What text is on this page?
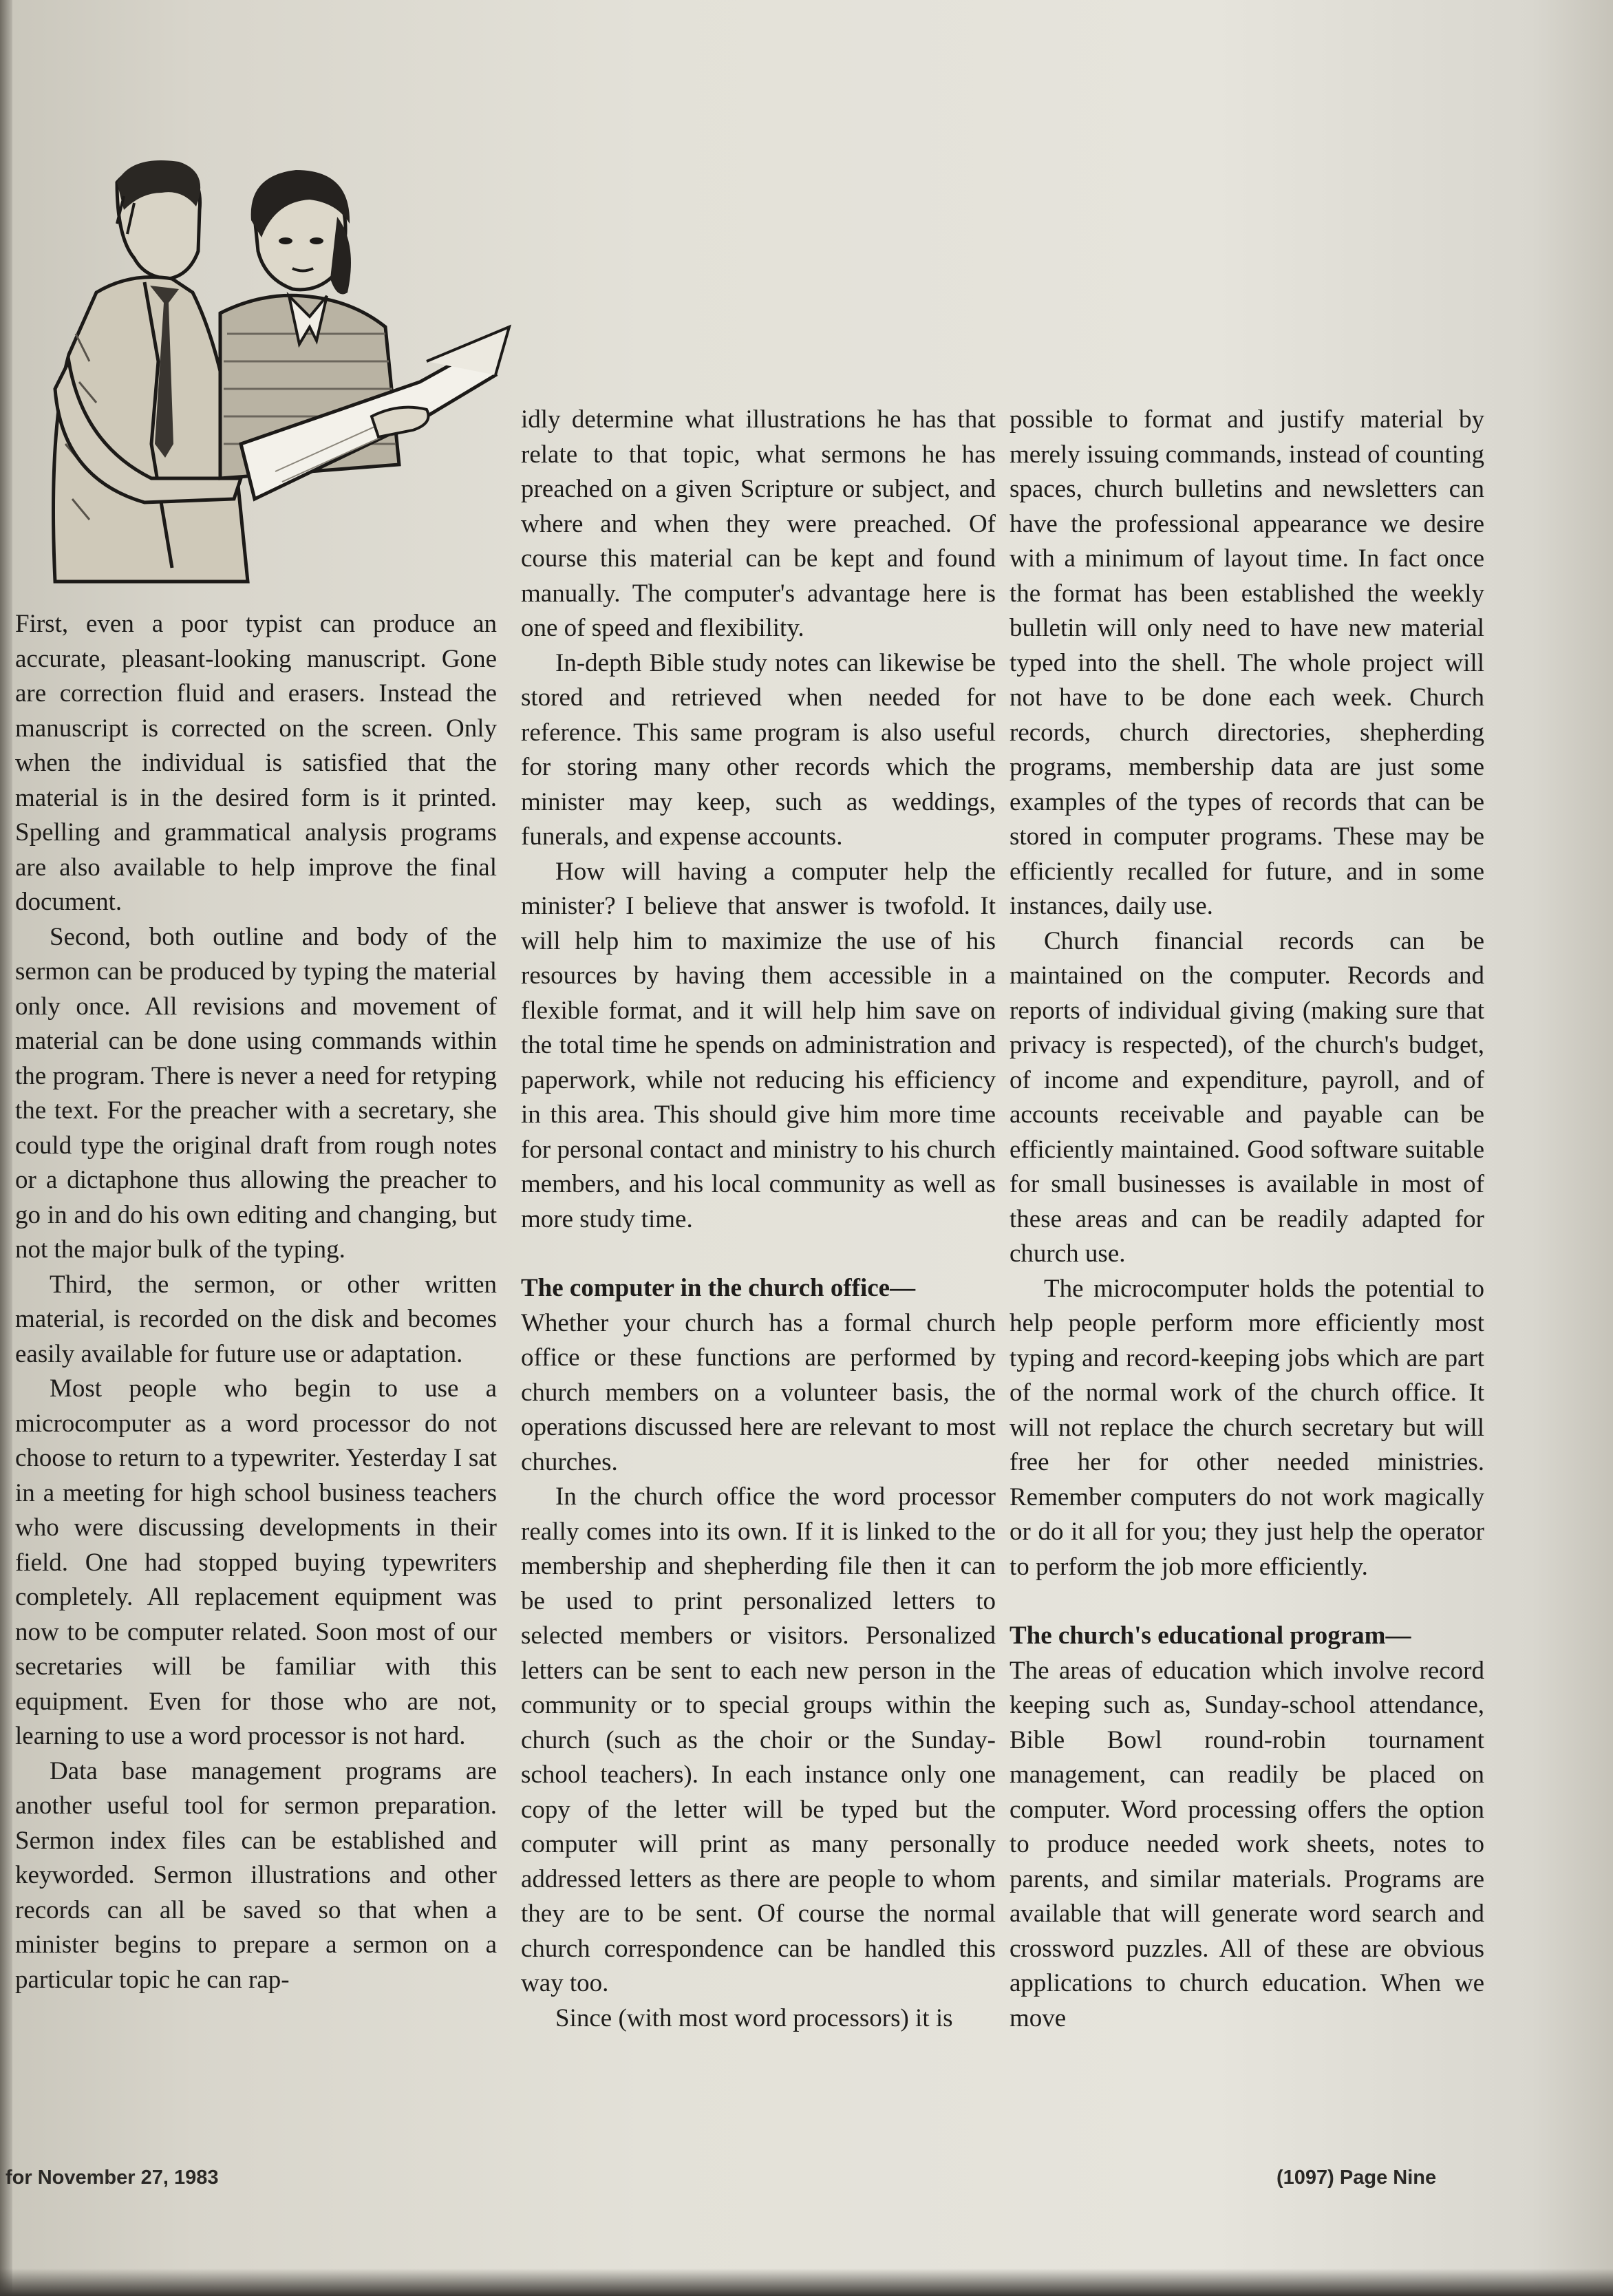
First, even a poor typist can produce an accurate, pleasant-looking manuscript. Gone are correction fluid and erasers. Instead the manuscript is corrected on the screen. Only when the individual is satisfied that the material is in the desired form is it printed. Spelling and grammatical analysis programs are also available to help improve the final document.

Second, both outline and body of the sermon can be produced by typing the material only once. All revisions and movement of material can be done using commands within the program. There is never a need for retyping the text. For the preacher with a secretary, she could type the original draft from rough notes or a dictaphone thus allowing the preacher to go in and do his own editing and changing, but not the major bulk of the typing.

Third, the sermon, or other written material, is recorded on the disk and becomes easily available for future use or adaptation.

Most people who begin to use a microcomputer as a word processor do not choose to return to a typewriter. Yesterday I sat in a meeting for high school business teachers who were discussing developments in their field. One had stopped buying typewriters completely. All replacement equipment was now to be computer related. Soon most of our secretaries will be familiar with this equipment. Even for those who are not, learning to use a word processor is not hard.

Data base management programs are another useful tool for sermon preparation. Sermon index files can be established and keyworded. Sermon illustrations and other records can all be saved so that when a minister begins to prepare a sermon on a particular topic he can rap-

idly determine what illustrations he has that relate to that topic, what sermons he has preached on a given Scripture or subject, and where and when they were preached. Of course this material can be kept and found manually. The computer's advantage here is one of speed and flexibility.

In-depth Bible study notes can likewise be stored and retrieved when needed for reference. This same program is also useful for storing many other records which the minister may keep, such as weddings, funerals, and expense accounts.

How will having a computer help the minister? I believe that answer is twofold. It will help him to maximize the use of his resources by having them accessible in a flexible format, and it will help him save on the total time he spends on administration and paperwork, while not reducing his efficiency in this area. This should give him more time for personal contact and ministry to his church members, and his local community as well as more study time.

The computer in the church office—

Whether your church has a formal church office or these functions are performed by church members on a volunteer basis, the operations discussed here are relevant to most churches.

In the church office the word processor really comes into its own. If it is linked to the membership and shepherding file then it can be used to print personalized letters to selected members or visitors. Personalized letters can be sent to each new person in the community or to special groups within the church (such as the choir or the Sunday-school teachers). In each instance only one copy of the letter will be typed but the computer will print as many personally addressed letters as there are people to whom they are to be sent. Of course the normal church correspondence can be handled this way too.

Since (with most word processors) it is

possible to format and justify material by merely issuing commands, instead of counting spaces, church bulletins and newsletters can have the professional appearance we desire with a minimum of layout time. In fact once the format has been established the weekly bulletin will only need to have new material typed into the shell. The whole project will not have to be done each week. Church records, church directories, shepherding programs, membership data are just some examples of the types of records that can be stored in computer programs. These may be efficiently recalled for future, and in some instances, daily use.

Church financial records can be maintained on the computer. Records and reports of individual giving (making sure that privacy is respected), of the church's budget, of income and expenditure, payroll, and of accounts receivable and payable can be efficiently maintained. Good software suitable for small businesses is available in most of these areas and can be readily adapted for church use.

The microcomputer holds the potential to help people perform more efficiently most typing and record-keeping jobs which are part of the normal work of the church office. It will not replace the church secretary but will free her for other needed ministries. Remember computers do not work magically or do it all for you; they just help the operator to perform the job more efficiently.

The church's educational program—

The areas of education which involve record keeping such as, Sunday-school attendance, Bible Bowl round-robin tournament management, can readily be placed on computer. Word processing offers the option to produce needed work sheets, notes to parents, and similar materials. Programs are available that will generate word search and crossword puzzles. All of these are obvious applications to church education. When we move

for November 27, 1983	(1097) Page Nine
